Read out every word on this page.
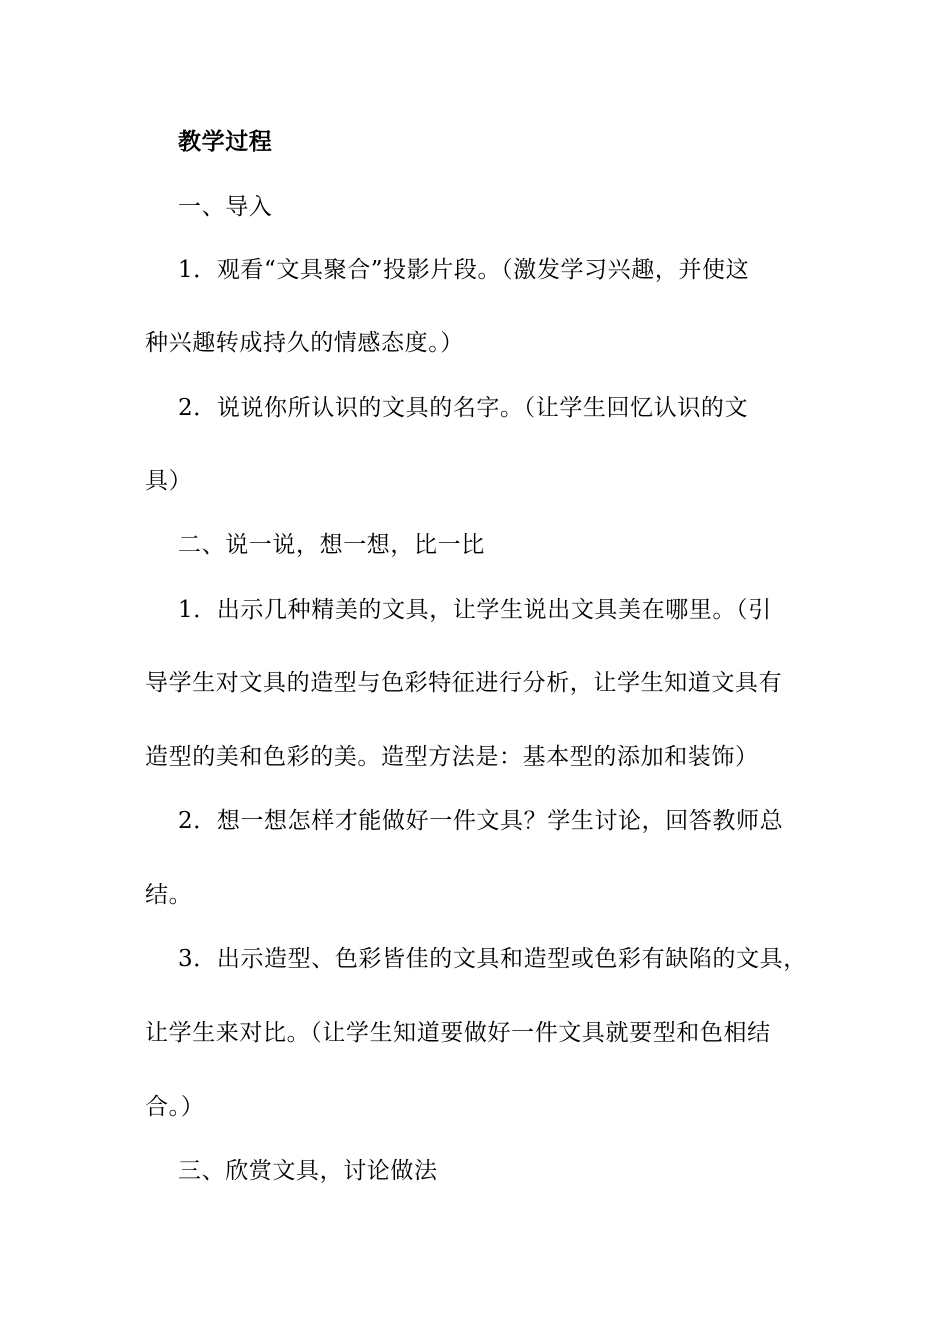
教学过程
一、导入
1．观看“文具聚合”投影片段。（激发学习兴趣，并使这
种兴趣转成持久的情感态度。）
2．说说你所认识的文具的名字。（让学生回忆认识的文
具）
二、说一说，想一想，比一比
1．出示几种精美的文具，让学生说出文具美在哪里。（引
导学生对文具的造型与色彩特征进行分析，让学生知道文具有
造型的美和色彩的美。造型方法是：基本型的添加和装饰）
2．想一想怎样才能做好一件文具？学生讨论，回答教师总
结。
3．出示造型、色彩皆佳的文具和造型或色彩有缺陷的文具，
让学生来对比。（让学生知道要做好一件文具就要型和色相结
合。）
三、欣赏文具，讨论做法
